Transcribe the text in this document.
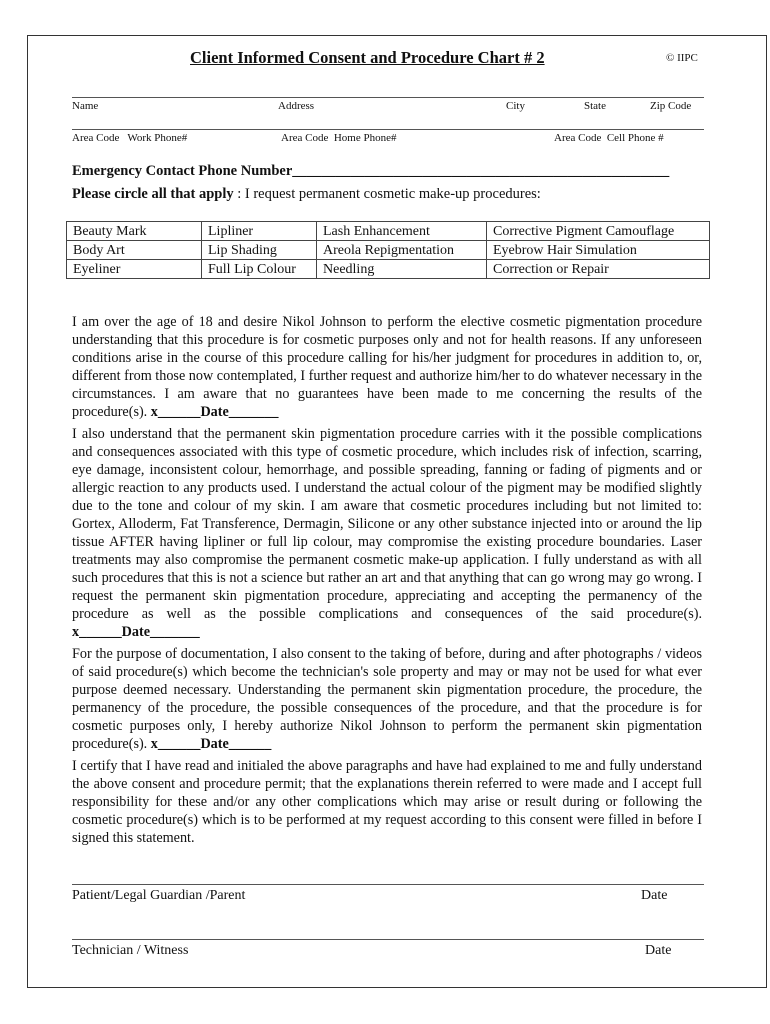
Client Informed Consent and Procedure Chart # 2	© IIPC
Name	Address	City	State	Zip Code
Area Code   Work Phone#	Area Code  Home Phone#	Area Code  Cell Phone #
Emergency Contact Phone Number____________________________________________________
Please circle all that apply : I request permanent cosmetic make-up procedures:
Beauty Mark	Lipliner	Lash Enhancement	Corrective Pigment Camouflage
Body Art	Lip Shading	Areola Repigmentation	Eyebrow Hair Simulation
Eyeliner	Full Lip Colour	Needling	Correction or Repair

I am over the age of 18 and desire Nikol Johnson to perform the elective cosmetic pigmentation procedure understanding that this procedure is for cosmetic purposes only and not for health reasons. If any unforeseen conditions arise in the course of this procedure calling for his/her judgment for procedures in addition to, or, different from those now contemplated, I further request and authorize him/her to do whatever necessary in the circumstances. I am aware that no guarantees have been made to me concerning the results of the procedure(s). x______Date_______

I also understand that the permanent skin pigmentation procedure carries with it the possible complications and consequences associated with this type of cosmetic procedure, which includes risk of infection, scarring, eye damage, inconsistent colour, hemorrhage, and possible spreading, fanning or fading of pigments and or allergic reaction to any products used. I understand the actual colour of the pigment may be modified slightly due to the tone and colour of my skin. I am aware that cosmetic procedures including but not limited to: Gortex, Alloderm, Fat Transference, Dermagin, Silicone or any other substance injected into or around the lip tissue AFTER having lipliner or full lip colour, may compromise the existing procedure boundaries. Laser treatments may also compromise the permanent cosmetic make-up application. I fully understand as with all such procedures that this is not a science but rather an art and that anything that can go wrong may go wrong. I request the permanent skin pigmentation procedure, appreciating and accepting the permanency of the procedure as well as the possible complications and consequences of the said procedure(s). x______Date_______

For the purpose of documentation, I also consent to the taking of before, during and after photographs / videos of said procedure(s) which become the technician's sole property and may or may not be used for what ever purpose deemed necessary. Understanding the permanent skin pigmentation procedure, the procedure, the permanency of the procedure, the possible consequences of the procedure, and that the procedure is for cosmetic purposes only, I hereby authorize Nikol Johnson to perform the permanent skin pigmentation procedure(s). x______Date______

I certify that I have read and initialed the above paragraphs and have had explained to me and fully understand the above consent and procedure permit; that the explanations therein referred to were made and I accept full responsibility for these and/or any other complications which may arise or result during or following the cosmetic procedure(s) which is to be performed at my request according to this consent were filled in before I signed this statement.

Patient/Legal Guardian /Parent	Date
Technician / Witness	Date
